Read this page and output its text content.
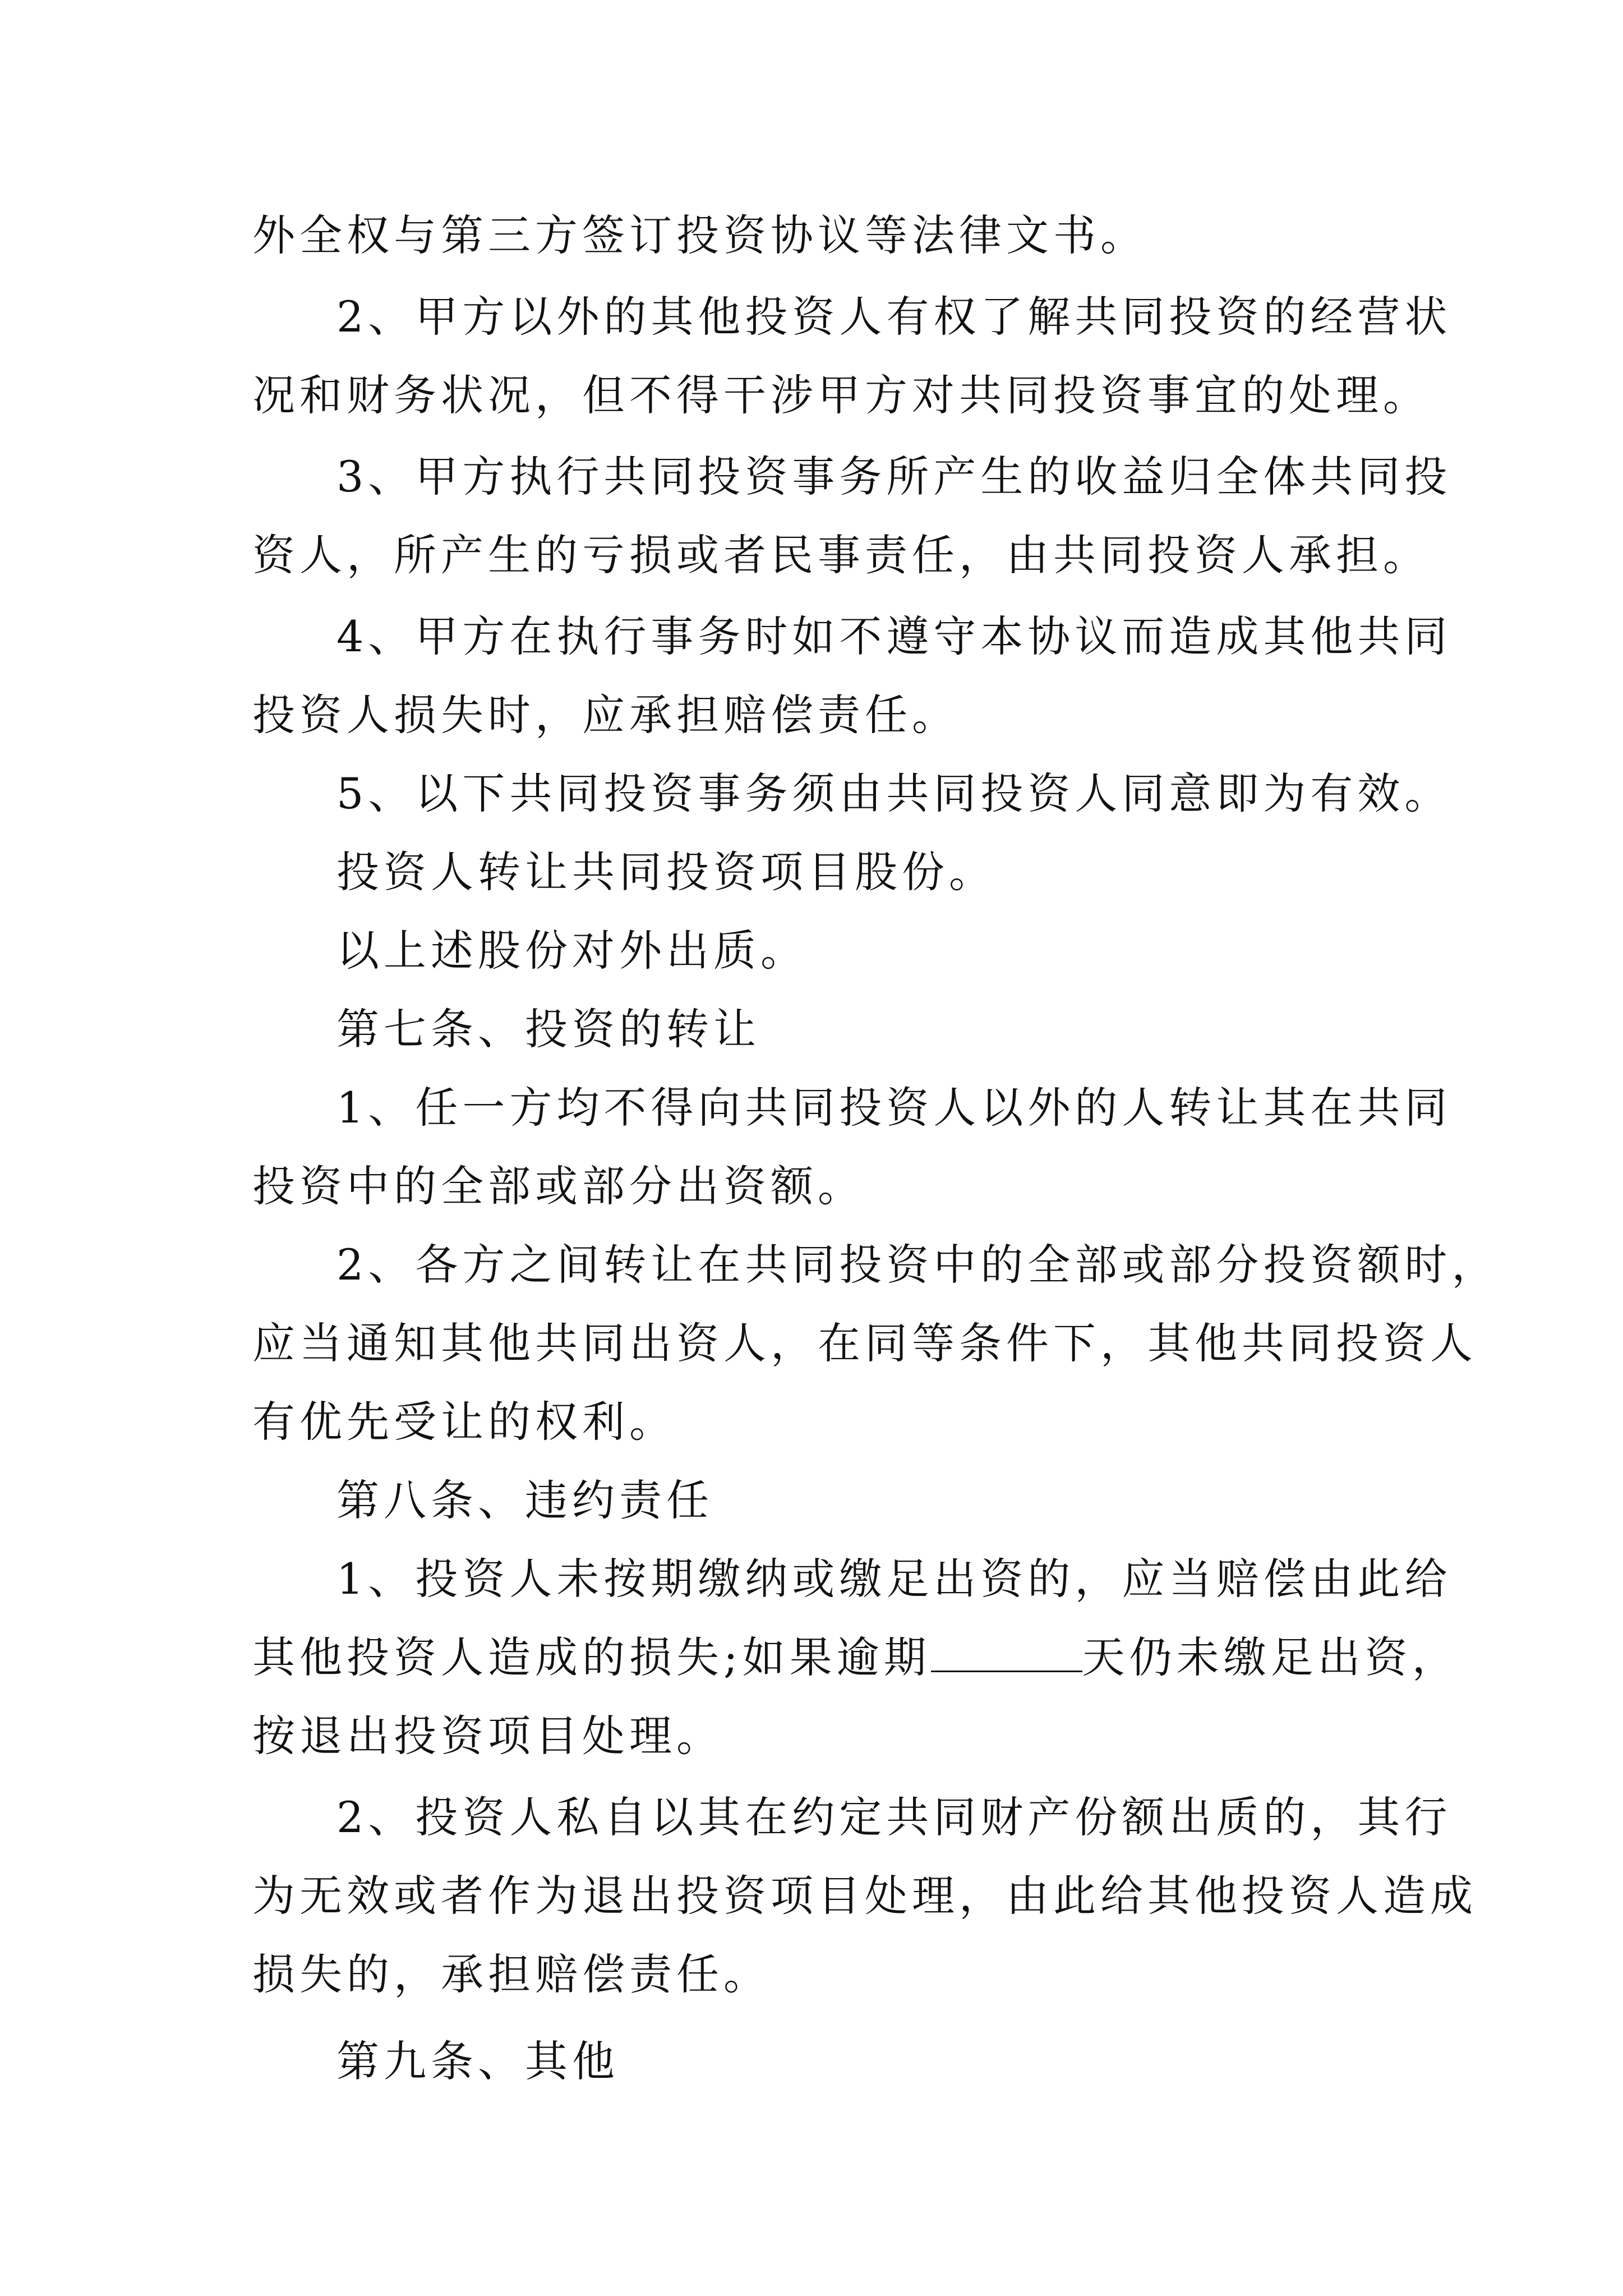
外全权与第三方签订投资协议等法律文书。
2、甲方以外的其他投资人有权了解共同投资的经营状
况和财务状况，但不得干涉甲方对共同投资事宜的处理。
3、甲方执行共同投资事务所产生的收益归全体共同投
资人，所产生的亏损或者民事责任，由共同投资人承担。
4、甲方在执行事务时如不遵守本协议而造成其他共同
投资人损失时，应承担赔偿责任。
5、以下共同投资事务须由共同投资人同意即为有效。
投资人转让共同投资项目股份。
以上述股份对外出质。
第七条、投资的转让
1、任一方均不得向共同投资人以外的人转让其在共同
投资中的全部或部分出资额。
2、各方之间转让在共同投资中的全部或部分投资额时，
应当通知其他共同出资人，在同等条件下，其他共同投资人
有优先受让的权利。
第八条、违约责任
1、投资人未按期缴纳或缴足出资的，应当赔偿由此给
其他投资人造成的损失;如果逾期	天仍未缴足出资，
按退出投资项目处理。
2、投资人私自以其在约定共同财产份额出质的，其行
为无效或者作为退出投资项目处理，由此给其他投资人造成
损失的，承担赔偿责任。
第九条、其他
